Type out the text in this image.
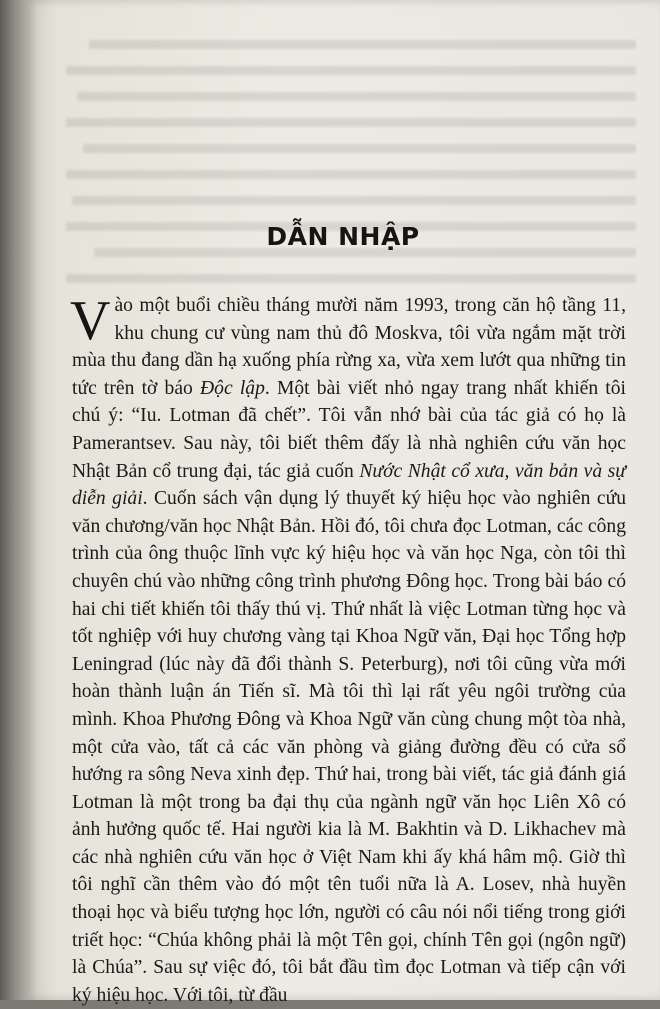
DẪN NHẬP

Vào một buổi chiều tháng mười năm 1993, trong căn hộ tầng 11, khu chung cư vùng nam thủ đô Moskva, tôi vừa ngắm mặt trời mùa thu đang dần hạ xuống phía rừng xa, vừa xem lướt qua những tin tức trên tờ báo Độc lập. Một bài viết nhỏ ngay trang nhất khiến tôi chú ý: “Iu. Lotman đã chết”. Tôi vẫn nhớ bài của tác giả có họ là Pamerantsev. Sau này, tôi biết thêm đấy là nhà nghiên cứu văn học Nhật Bản cổ trung đại, tác giả cuốn Nước Nhật cổ xưa, văn bản và sự diễn giải. Cuốn sách vận dụng lý thuyết ký hiệu học vào nghiên cứu văn chương/văn học Nhật Bản. Hồi đó, tôi chưa đọc Lotman, các công trình của ông thuộc lĩnh vực ký hiệu học và văn học Nga, còn tôi thì chuyên chú vào những công trình phương Đông học. Trong bài báo có hai chi tiết khiến tôi thấy thú vị. Thứ nhất là việc Lotman từng học và tốt nghiệp với huy chương vàng tại Khoa Ngữ văn, Đại học Tổng hợp Leningrad (lúc này đã đổi thành S. Peterburg), nơi tôi cũng vừa mới hoàn thành luận án Tiến sĩ. Mà tôi thì lại rất yêu ngôi trường của mình. Khoa Phương Đông và Khoa Ngữ văn cùng chung một tòa nhà, một cửa vào, tất cả các văn phòng và giảng đường đều có cửa sổ hướng ra sông Neva xinh đẹp. Thứ hai, trong bài viết, tác giả đánh giá Lotman là một trong ba đại thụ của ngành ngữ văn học Liên Xô có ảnh hưởng quốc tế. Hai người kia là M. Bakhtin và D. Likhachev mà các nhà nghiên cứu văn học ở Việt Nam khi ấy khá hâm mộ. Giờ thì tôi nghĩ cần thêm vào đó một tên tuổi nữa là A. Losev, nhà huyền thoại học và biểu tượng học lớn, người có câu nói nổi tiếng trong giới triết học: “Chúa không phải là một Tên gọi, chính Tên gọi (ngôn ngữ) là Chúa”. Sau sự việc đó, tôi bắt đầu tìm đọc Lotman và tiếp cận với ký hiệu học. Với tôi, từ đầu
